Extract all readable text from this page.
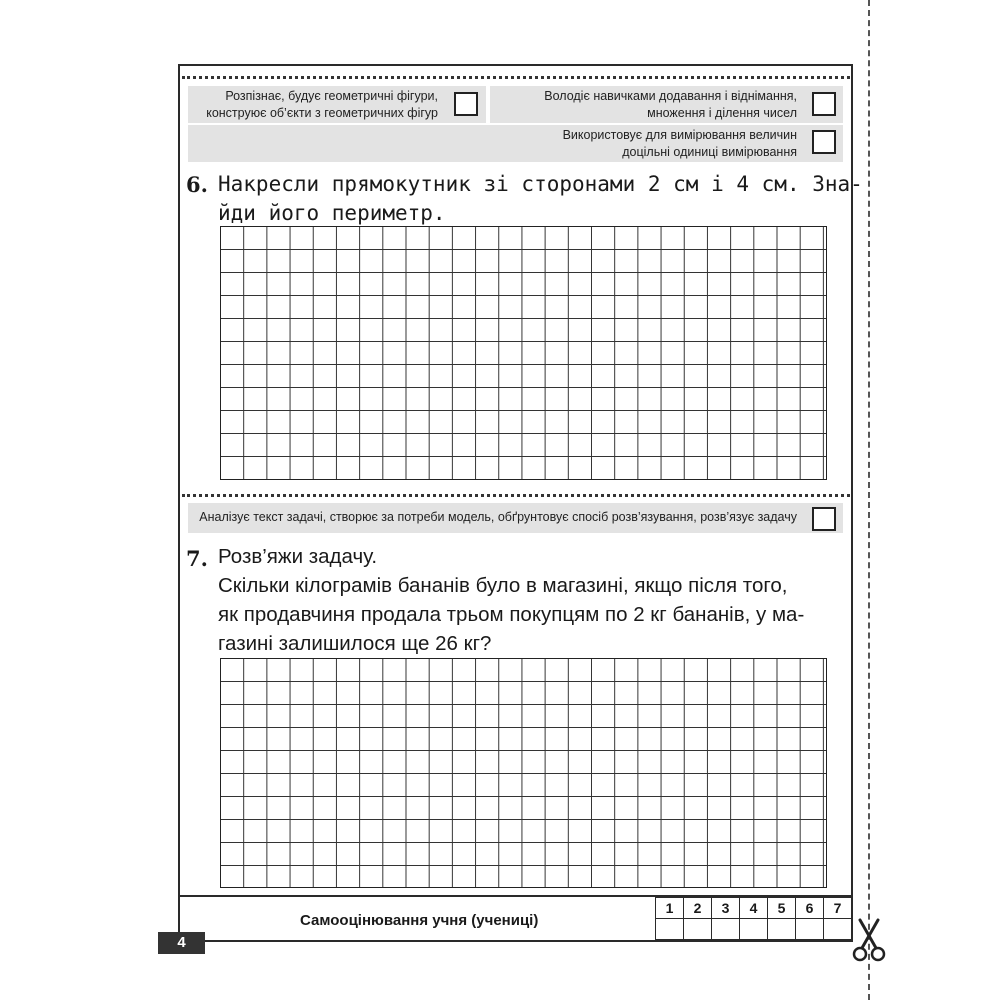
Розпізнає, будує геометричні фігури,
конструює об’єкти з геометричних фігур
Володіє навичками додавання і віднімання,
множення і ділення чисел
Використовує для вимірювання величин
доцільні одиниці вимірювання
6. Накресли прямокутник зі сторонами 2 см і 4 см. Зна-
йди його периметр.
Аналізує текст задачі, створює за потреби модель, обґрунтовує спосіб розв’язування, розв’язує задачу
7. Розв’яжи задачу.
Скільки кілограмів бананів було в магазині, якщо після того,
як продавчиня продала трьом покупцям по 2 кг бананів, у ма-
газині залишилося ще 26 кг?
Самооцінювання учня (учениці)
1	2	3	4	5	6	7

4
